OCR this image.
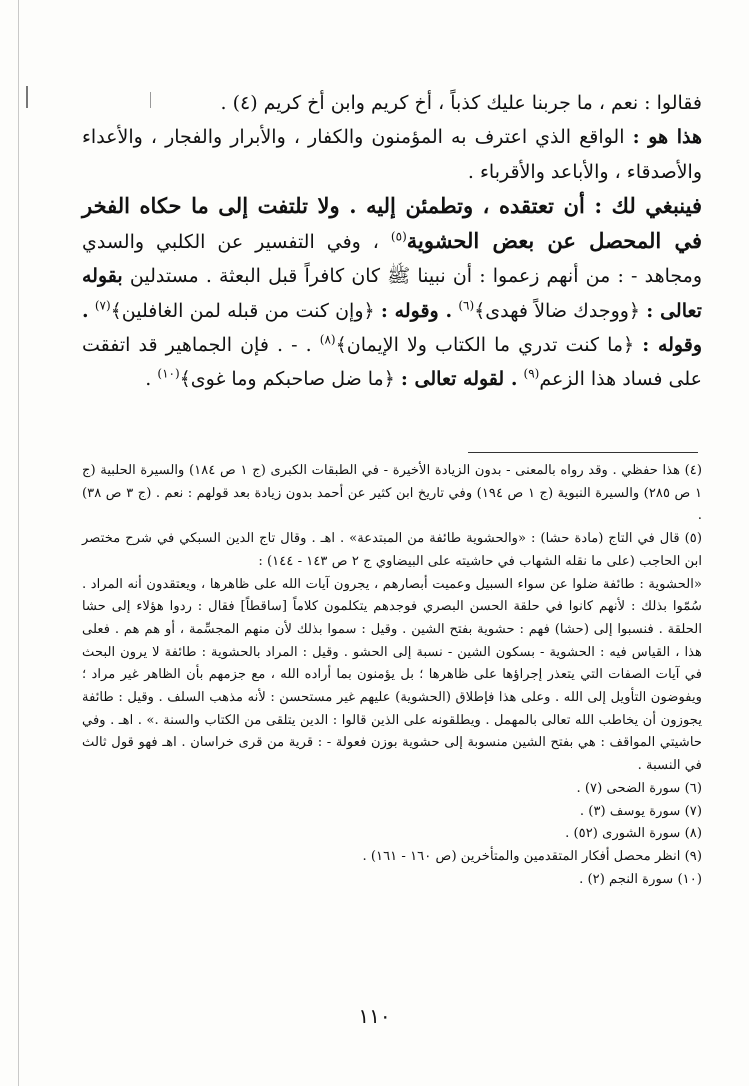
فقالوا : نعم ، ما جربنا عليك كذباً ، أخ كريم وابن أخ كريم (٤) .

هذا هو : الواقع الذي اعترف به المؤمنون والكفار ، والأبرار والفجار ، والأعداء والأصدقاء ، والأباعد والأقرباء .

فينبغي لك : أن تعتقده ، وتطمئن إليه . ولا تلتفت إلى ما حكاه الفخر في المحصل عن بعض الحشوية$^{(٥)}$ ، وفي التفسير عن الكلبي والسدي ومجاهد - : من أنهم زعموا : أن نبينا ﷺ كان كافراً قبل البعثة . مستدلين بقوله تعالى : ﴿ووجدك ضالاً فهدى﴾$^{(٦)}$ . وقوله : ﴿وإن كنت من قبله لمن الغافلين﴾$^{(٧)}$ . وقوله : ﴿ما كنت تدري ما الكتاب ولا الإيمان﴾$^{(٨)}$ . - . فإن الجماهير قد اتفقت على فساد هذا الزعم$^{(٩)}$ . لقوله تعالى : ﴿ما ضل صاحبكم وما غوى﴾$^{(١٠)}$ .

(٤) هذا حفظي . وقد رواه بالمعنى - بدون الزيادة الأخيرة - في الطبقات الكبرى (ج ١ ص ١٨٤) والسيرة الحلبية (ج ١ ص ٢٨٥) والسيرة النبوية (ج ١ ص ١٩٤) وفي تاريخ ابن كثير عن أحمد بدون زيادة بعد قولهم : نعم . (ج ٣ ص ٣٨) .

(٥) قال في التاج (مادة حشا) : «والحشوية طائفة من المبتدعة» . اهـ . وقال تاج الدين السبكي في شرح مختصر ابن الحاجب (على ما نقله الشهاب في حاشيته على البيضاوي ج ٢ ص ١٤٣ - ١٤٤) :

«الحشوية : طائفة ضلوا عن سواء السبيل وعميت أبصارهم ، يجرون آيات الله على ظاهرها ، ويعتقدون أنه المراد . سُمّوا بذلك : لأنهم كانوا في حلقة الحسن البصري فوجدهم يتكلمون كلاماً [ساقطاً] فقال : ردوا هؤلاء إلى حشا الحلقة . فنسبوا إلى (حشا) فهم : حشوية بفتح الشين . وقيل : سموا بذلك لأن منهم المجسِّمة ، أو هم هم . فعلى هذا ، القياس فيه : الحشوية - بسكون الشين - نسبة إلى الحشو . وقيل : المراد بالحشوية : طائفة لا يرون البحث في آيات الصفات التي يتعذر إجراؤها على ظاهرها ؛ بل يؤمنون بما أراده الله ، مع جزمهم بأن الظاهر غير مراد ؛ ويفوضون التأويل إلى الله . وعلى هذا فإطلاق (الحشوية) عليهم غير مستحسن : لأنه مذهب السلف . وقيل : طائفة يجوزون أن يخاطب الله تعالى بالمهمل . ويطلقونه على الذين قالوا : الدين يتلقى من الكتاب والسنة .» . اهـ . وفي حاشيتي المواقف : هي بفتح الشين منسوبة إلى حشوية بوزن فعولة - : قرية من قرى خراسان . اهـ فهو قول ثالث في النسبة .

(٦) سورة الضحى (٧) .

(٧) سورة يوسف (٣) .

(٨) سورة الشورى (٥٢) .

(٩) انظر محصل أفكار المتقدمين والمتأخرين (ص ١٦٠ - ١٦١) .

(١٠) سورة النجم (٢) .

١١٠
